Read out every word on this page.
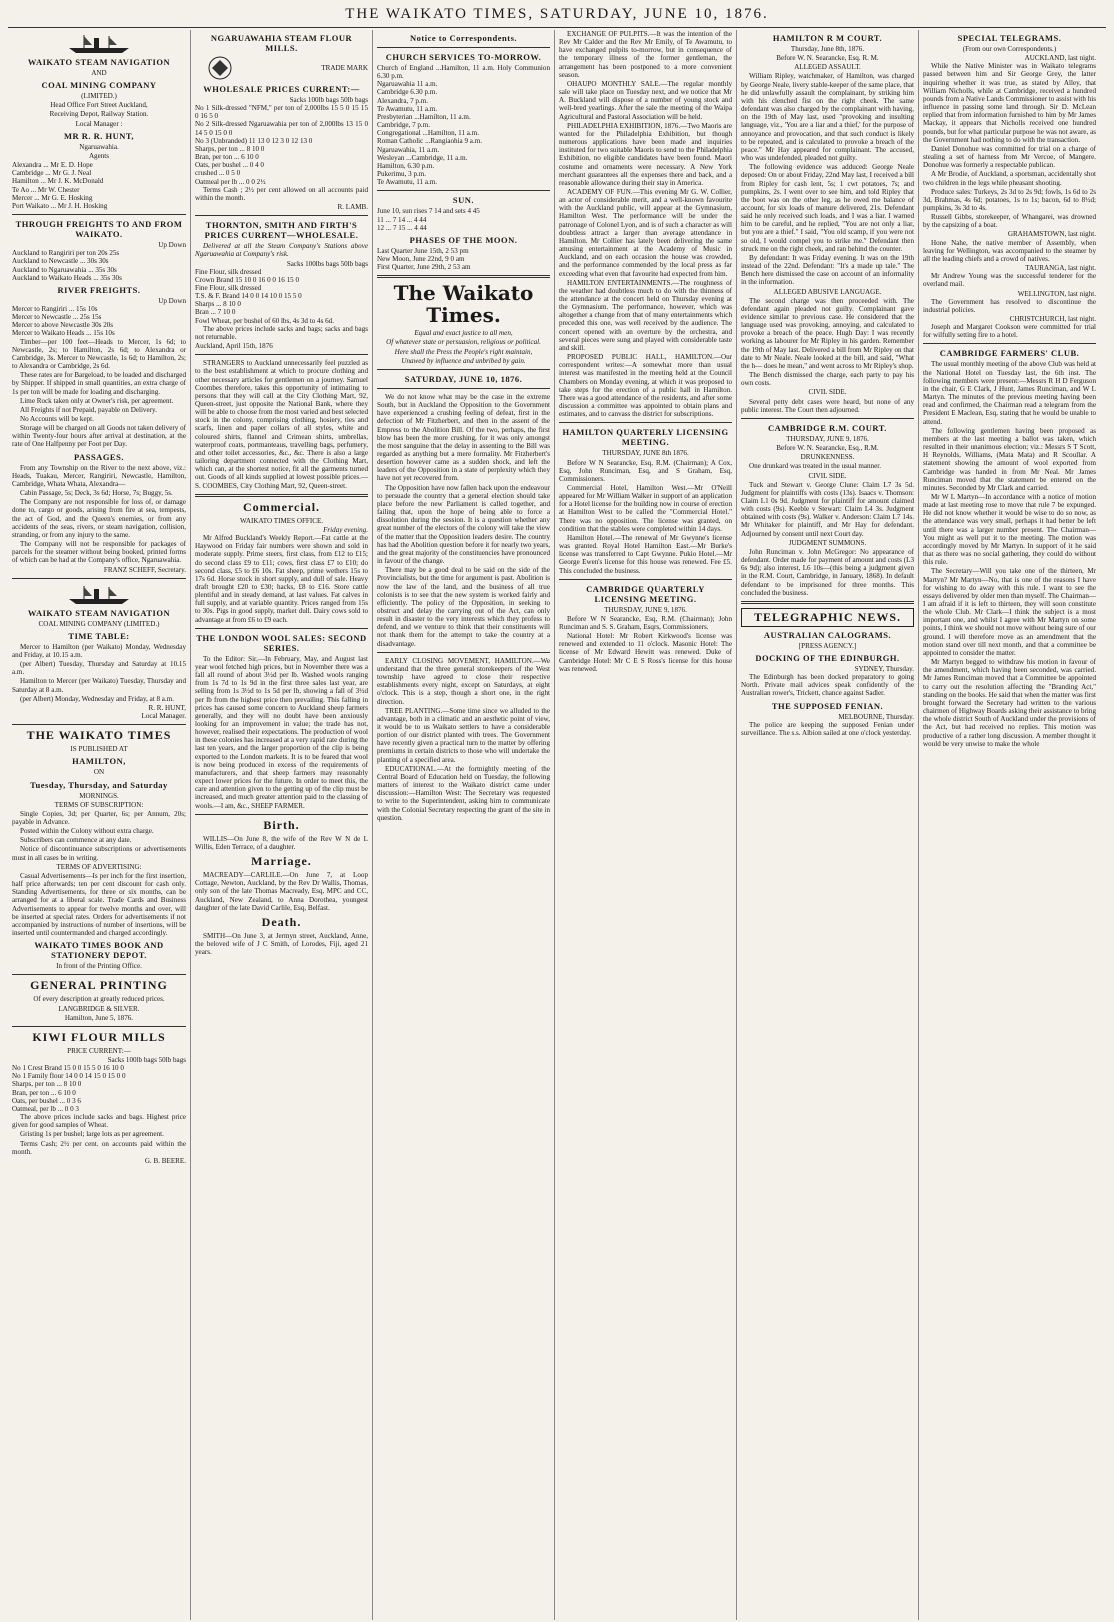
THE WAIKATO TIMES, SATURDAY, JUNE 10, 1876.
WAIKATO STEAM NAVIGATION
AND
COAL MINING COMPANY
(LIMITED.)
Head Office Fort Street Auckland,
Receiving Depot, Railway Station.
Local Manager :
MR R. R. HUNT,
Ngaruawahia.
Agents
Alexandra ... Mr E. D. Hope
Cambridge ... Mr G. J. Neal
Hamilton ... Mr J. K. McDonald
Te Ao ... Mr W. Chester
Mercer ... Mr G. E. Hosking
Port Waikato ... Mr J. H. Hosking
THROUGH FREIGHTS TO AND FROM WAIKATO.
Up Down
Auckland to Rangiriri per ton 20s 25s
Auckland to Newcastle ... 30s 30s
Auckland to Ngaruawahia ... 35s 30s
Auckland to Waikato Heads ... 35s 30s
RIVER FREIGHTS.
Up Down
Mercer to Rangiriri ... 15s 10s
Mercer to Newcastle ... 25s 15s
Mercer to above Newcastle 30s 20s
Mercer to Waikato Heads ... 15s 10s

Timber—per 100 feet—Heads to Mercer, 1s 6d; to Newcastle, 2s; to Hamilton, 2s 6d; to Alexandra or Cambridge, 3s. Mercer to Newcastle, 1s 6d; to Hamilton, 2s; to Alexandra or Cambridge, 2s 6d.

These rates are for Bargeload, to be loaded and discharged by Shipper. If shipped in small quantities, an extra charge of 1s per ton will be made for loading and discharging.

Lime Rock taken only at Owner's risk, per agreement.

All Freights if not Prepaid, payable on Delivery.

No Accounts will be kept.

Storage will be charged on all Goods not taken delivery of within Twenty-four hours after arrival at destination, at the rate of One Halfpenny per Foot per Day.

PASSAGES.

From any Township on the River to the next above, viz.: Heads, Tuakau, Mercer, Rangiriri, Newcastle, Hamilton, Cambridge, Whata Whata, Alexandra—

Cabin Passage, 5s; Deck, 3s 6d; Horse, 7s; Buggy, 5s.

The Company are not responsible for loss of, or damage done to, cargo or goods, arising from fire at sea, tempests, the act of God, and the Queen's enemies, or from any accidents of the seas, rivers, or steam navigation, collision, stranding, or from any injury to the same.

The Company will not be responsible for packages of parcels for the steamer without being booked, printed forms of which can be had at the Company's office, Ngaruawahia.

FRANZ SCHEFF, Secretary.
WAIKATO STEAM NAVIGATION
COAL MINING COMPANY (LIMITED.)
TIME TABLE:

Mercer to Hamilton (per Waikato) Monday, Wednesday and Friday, at 10.15 a.m.

(per Albert) Tuesday, Thursday and Saturday at 10.15 a.m.

Hamilton to Mercer (per Waikato) Tuesday, Thursday and Saturday at 8 a.m.

(per Albert) Monday, Wednesday and Friday, at 8 a.m.

R. R. HUNT,
Local Manager.
THE WAIKATO TIMES
IS PUBLISHED AT
HAMILTON,
ON
Tuesday, Thursday, and Saturday
MORNINGS.
TERMS OF SUBSCRIPTION:

Single Copies, 3d; per Quarter, 6s; per Annum, 20s; payable in Advance.

Posted within the Colony without extra charge.

Subscribers can commence at any date.

Notice of discontinuance subscriptions or advertisements must in all cases be in writing.

TERMS OF ADVERTISING:

Casual Advertisements—Is per inch for the first insertion, half price afterwards; ten per cent discount for cash only. Standing Advertisements, for three or six months, can be arranged for at a liberal scale. Trade Cards and Business Advertisements to appear for twelve months and over, will be inserted at special rates. Orders for advertisements if not accompanied by instructions of number of insertions, will be inserted until countermanded and charged accordingly.

WAIKATO TIMES BOOK AND STATIONERY DEPOT.
In front of the Printing Office.
GENERAL PRINTING
Of every description at greatly reduced prices.
LANGBRIDGE & SILVER.
Hamilton, June 5, 1876.
KIWI FLOUR MILLS
PRICE CURRENT:—
Sacks 100lb bags 50lb bags
No 1 Crest Brand 15 0 0 15 5 0 16 10 0
No 1 Family flour 14 0 0 14 15 0 15 0 0
Sharps, per ton ... 8 10 0
Bran, per ton ... 6 10 0
Oats, per bushel ... 0 3 6
Oatmeal, per lb ... 0 0 3

The above prices include sacks and bags. Highest price given for good samples of Wheat.

Gristing 1s per bushel; large lots as per agreement.

Terms Cash; 2½ per cent. on accounts paid within the month.

G. B. BEERE.
NGARUAWAHIA STEAM FLOUR MILLS.
TRADE MARK
WHOLESALE PRICES CURRENT:—
Sacks 100lb bags 50lb bags
No 1 Silk-dressed "NFM," per ton of 2,000lbs 15 5 0 15 15 0 16 5 0
No 2 Silk-dressed Ngaruawahia per ton of 2,000lbs 13 15 0 14 5 0 15 0 0
No 3 (Unbranded) 11 13 0 12 3 0 12 13 0
Sharps, per ton ... 8 10 0
Bran, per ton ... 6 10 0
Oats, per bushel ... 0 4 0
crushed ... 0 5 0
Oatmeal per lb ... 0 0 2½

Terms Cash ; 2½ per cent allowed on all accounts paid within the month.

R. LAMB.
THORNTON, SMITH AND FIRTH'S PRICES CURRENT—WHOLESALE.

Delivered at all the Steam Company's Stations above Ngaruawahia at Company's risk.

Sacks 100lbs bags 50lb bags
Fine Flour, silk dressed
Crown Brand 15 10 0 16 0 0 16 15 0
Fine Flour, silk dressed
T.S. & F. Brand 14 0 0 14 10 0 15 5 0
Sharps ... 8 10 0
Bran ... 7 10 0
Fowl Wheat, per bushel of 60 lbs, 4s 3d to 4s 6d.

The above prices include sacks and bags; sacks and bags not returnable.

Auckland, April 15th, 1876

STRANGERS to Auckland unnecessarily feel puzzled as to the best establishment at which to procure clothing and other necessary articles for gentlemen on a journey. Samuel Coombes therefore, takes this opportunity of intimating to persons that they will call at the City Clothing Mart, 92, Queen-street, just opposite the National Bank, where they will be able to choose from the most varied and best selected stock in the colony, comprising clothing, hosiery, ties and scarfs, linen and paper collars of all styles, white and coloured shirts, flannel and Crimean shirts, umbrellas, waterproof coats, portmanteaus, travelling bags, perfumery, and other toilet accessories, &c., &c. There is also a large tailoring department connected with the Clothing Mart, which can, at the shortest notice, fit all the garments turned out. Goods of all kinds supplied at lowest possible prices.—S. COOMBES, City Clothing Mart, 92, Queen-street.

Commercial.
WAIKATO TIMES OFFICE.
Friday evening.

Mr Alfred Buckland's Weekly Report.—Fat cattle at the Haywood on Friday fair numbers were shown and sold in moderate supply. Prime steers, first class, from £12 to £15; do second class £9 to £11; cows, first class £7 to £10; do second class, £5 to £6 10s. Fat sheep, prime wethers 15s to 17s 6d. Horse stock in short supply, and dull of sale. Heavy draft brought £20 to £30; hacks, £8 to £16. Store cattle plentiful and in steady demand, at last values. Fat calves in full supply, and at variable quantity. Prices ranged from 15s to 30s. Pigs in good supply, market dull. Dairy cows sold to advantage at from £6 to £9 each.

THE LONDON WOOL SALES: SECOND SERIES.

To the Editor: Sir,—In February, May, and August last year wool fetched high prices, but in November there was a fall all round of about 3½d per lb. Washed wools ranging from 1s 7d to 1s 9d in the first three sales last year, are selling from 1s 3½d to 1s 5d per lb, showing a fall of 3½d per lb from the highest price then prevailing. This falling in prices has caused some concern to Auckland sheep farmers generally, and they will no doubt have been anxiously looking for an improvement in value; the trade has not, however, realised their expectations. The production of wool in these colonies has increased at a very rapid rate during the last ten years, and the larger proportion of the clip is being exported to the London markets. It is to be feared that wool is now being produced in excess of the requirements of manufacturers, and that sheep farmers may reasonably expect lower prices for the future. In order to meet this, the care and attention given to the getting up of the clip must be increased, and much greater attention paid to the classing of wools.—I am, &c., SHEEP FARMER.

Birth.

WILLIS—On June 8, the wife of the Rev W N de L Willis, Eden Terrace, of a daughter.

Marriage.

MACREADY—CARLILE.—On June 7, at Loop Cottage, Newton, Auckland, by the Rev Dr Wallis, Thomas, only son of the late Thomas Macready, Esq, MPC and CC, Auckland, New Zealand, to Anna Dorothea, youngest daughter of the late David Carlile, Esq, Belfast.

Death.

SMITH—On June 3, at Jermyn street, Auckland, Anne, the beloved wife of J C Smith, of Lorodes, Fiji, aged 21 years.

Notice to Correspondents.
CHURCH SERVICES TO-MORROW.
Church of England ...Hamilton, 11 a.m. Holy Communion 6.30 p.m.
Ngaruawahia 11 a.m.
Cambridge 6.30 p.m.
Alexandra, 7 p.m.
Te Awamutu, 11 a.m.
Presbyterian ...Hamilton, 11 a.m.
Cambridge, 7 p.m.
Congregational ...Hamilton, 11 a.m.
Roman Catholic ...Rangiaohia 9 a.m.
Ngaruawahia, 11 a.m.
Wesleyan ...Cambridge, 11 a.m.
Hamilton, 6.30 p.m.
Pukerimu, 3 p.m.
Te Awamutu, 11 a.m.
SUN.
June 10, sun rises 7 14 and sets 4 45
11 ... 7 14 ... 4 44
12 ... 7 15 ... 4 44
PHASES OF THE MOON.
Last Quarter June 15th, 2 53 pm
New Moon, June 22nd, 9 0 am
First Quarter, June 29th, 2 53 am
The Waikato Times.
Equal and exact justice to all men,
Of whatever state or persuasion, religious or political.
Here shall the Press the People's right maintain,
Unawed by influence and unbribed by gain.
SATURDAY, JUNE 10, 1876.

We do not know what may be the case in the extreme South, but in Auckland the Opposition to the Government have experienced a crushing feeling of defeat, first in the defection of Mr Fitzherbert, and then in the assent of the Empress to the Abolition Bill. Of the two, perhaps, the first blow has been the more crushing, for it was only amongst the most sanguine that the delay in assenting to the Bill was regarded as anything but a mere formality. Mr Fitzherbert's desertion however came as a sudden shock, and left the leaders of the Opposition in a state of perplexity which they have not yet recovered from.

The Opposition have now fallen back upon the endeavour to persuade the country that a general election should take place before the new Parliament is called together, and failing that, upon the hope of being able to force a dissolution during the session. It is a question whether any great number of the electors of the colony will take the view of the matter that the Opposition leaders desire. The country has had the Abolition question before it for nearly two years, and the great majority of the constituencies have pronounced in favour of the change.

There may be a good deal to be said on the side of the Provincialists, but the time for argument is past. Abolition is now the law of the land, and the business of all true colonists is to see that the new system is worked fairly and efficiently. The policy of the Opposition, in seeking to obstruct and delay the carrying out of the Act, can only result in disaster to the very interests which they profess to defend, and we venture to think that their constituents will not thank them for the attempt to take the country at a disadvantage.

EARLY CLOSING MOVEMENT, HAMILTON.—We understand that the three general storekeepers of the West township have agreed to close their respective establishments every night, except on Saturdays, at eight o'clock. This is a step, though a short one, in the right direction.

TREE PLANTING.—Some time since we alluded to the advantage, both in a climatic and an aesthetic point of view, it would be to us Waikato settlers to have a considerable portion of our district planted with trees. The Government have recently given a practical turn to the matter by offering premiums in certain districts to those who will undertake the planting of a specified area.

EDUCATIONAL.—At the fortnightly meeting of the Central Board of Education held on Tuesday, the following matters of interest to the Waikato district came under discussion:—Hamilton West: The Secretary was requested to write to the Superintendent, asking him to communicate with the Colonial Secretary respecting the grant of the site in question.

EXCHANGE OF PULPITS.—It was the intention of the Rev Mr Calder and the Rev Mr Emily, of Te Awamutu, to have exchanged pulpits to-morrow, but in consequence of the temporary illness of the former gentleman, the arrangement has been postponed to a more convenient season.

OHAUPO MONTHLY SALE.—The regular monthly sale will take place on Tuesday next, and we notice that Mr A. Buckland will dispose of a number of young stock and well-bred yearlings. After the sale the meeting of the Waipa Agricultural and Pastoral Association will be held.

PHILADELPHIA EXHIBITION, 1876.—Two Maoris are wanted for the Philadelphia Exhibition, but though numerous applications have been made and inquiries instituted for two suitable Maoris to send to the Philadelphia Exhibition, no eligible candidates have been found. Maori costume and ornaments were necessary. A New York merchant guarantees all the expenses there and back, and a reasonable allowance during their stay in America.

ACADEMY OF FUN.—This evening Mr G. W. Collier, an actor of considerable merit, and a well-known favourite with the Auckland public, will appear at the Gymnasium, Hamilton West. The performance will be under the patronage of Colonel Lyon, and is of such a character as will doubtless attract a larger than average attendance in Hamilton. Mr Collier has lately been delivering the same amusing entertainment at the Academy of Music in Auckland, and on each occasion the house was crowded, and the performance commended by the local press as far exceeding what even that favourite had expected from him.

HAMILTON ENTERTAINMENTS.—The roughness of the weather had doubtless much to do with the thinness of the attendance at the concert held on Thursday evening at the Gymnasium. The performance, however, which was altogether a change from that of many entertainments which preceded this one, was well received by the audience. The concert opened with an overture by the orchestra, and several pieces were sung and played with considerable taste and skill.

PROPOSED PUBLIC HALL, HAMILTON.—Our correspondent writes:—A somewhat more than usual interest was manifested in the meeting held at the Council Chambers on Monday evening, at which it was proposed to take steps for the erection of a public hall in Hamilton. There was a good attendance of the residents, and after some discussion a committee was appointed to obtain plans and estimates, and to canvass the district for subscriptions.

HAMILTON QUARTERLY LICENSING MEETING.
THURSDAY, JUNE 8th 1876.

Before W N Searancke, Esq, R.M. (Chairman); A Cox, Esq, John Runciman, Esq, and S Graham, Esq, Commissioners.

Commercial Hotel, Hamilton West.—Mr O'Neill appeared for Mr William Walker in support of an application for a Hotel license for the building now in course of erection at Hamilton West to be called the "Commercial Hotel." There was no opposition. The license was granted, on condition that the stables were completed within 14 days.

Hamilton Hotel.—The renewal of Mr Gwynne's license was granted. Royal Hotel Hamilton East.—Mr Burke's license was transferred to Capt Gwynne. Pukio Hotel.—Mr George Ewen's license for this house was renewed. Fee £5. This concluded the business.

CAMBRIDGE QUARTERLY LICENSING MEETING.
THURSDAY, JUNE 9, 1876.

Before W N Searancke, Esq, R.M. (Chairman); John Runciman and S. S. Graham, Esqrs, Commissioners.

National Hotel: Mr Robert Kirkwood's license was renewed and extended to 11 o'clock. Masonic Hotel: The license of Mr Edward Hewitt was renewed. Duke of Cambridge Hotel: Mr C E S Ross's license for this house was renewed.

HAMILTON R M COURT.
Thursday, June 8th, 1876.
Before W. N. Searancke, Esq. R. M.
ALLEGED ASSAULT.

William Ripley, watchmaker, of Hamilton, was charged by George Neale, livery stable-keeper of the same place, that he did unlawfully assault the complainant, by striking him with his clenched fist on the right cheek. The same defendant was also charged by the complainant with having, on the 19th of May last, used "provoking and insulting language, viz., 'You are a liar and a thief,' for the purpose of annoyance and provocation, and that such conduct is likely to be repeated, and is calculated to provoke a breach of the peace." Mr Hay appeared for complainant. The accused, who was undefended, pleaded not guilty.

The following evidence was adduced: George Neale deposed: On or about Friday, 22nd May last, I received a bill from Ripley for cash lent, 5s; 1 cwt potatoes, 7s; and pumpkins, 2s. I went over to see him, and told Ripley that the boot was on the other leg, as he owed me balance of account, for six loads of manure delivered, 21s. Defendant said he only received such loads, and I was a liar. I warned him to be careful, and he replied, "You are not only a liar, but you are a thief." I said, "You old scamp, if you were not so old, I would compel you to strike me." Defendant then struck me on the right cheek, and ran behind the counter.

By defendant: It was Friday evening. It was on the 19th instead of the 22nd. Defendant: "It's a made up tale." The Bench here dismissed the case on account of an informality in the information.

ALLEGED ABUSIVE LANGUAGE.

The second charge was then proceeded with. The defendant again pleaded not guilty. Complainant gave evidence similar to previous case. He considered that the language used was provoking, annoying, and calculated to provoke a breach of the peace. Hugh Day: I was recently working as labourer for Mr Ripley in his garden. Remember the 19th of May last. Delivered a bill from Mr Ripley on that date to Mr Neale. Neale looked at the bill, and said, "What the h— does he mean," and went across to Mr Ripley's shop.

The Bench dismissed the charge, each party to pay his own costs.

CIVIL SIDE.

Several petty debt cases were heard, but none of any public interest. The Court then adjourned.

CAMBRIDGE R.M. COURT.
THURSDAY, JUNE 9, 1876.
Before W. N. Searancke, Esq., R.M.
DRUNKENNESS.

One drunkard was treated in the usual manner.

CIVIL SIDE.

Tuck and Stewart v. George Clune: Claim L7 3s 5d. Judgment for plaintiffs with costs (13s). Isaacs v. Thomson: Claim L1 0s 9d. Judgment for plaintiff for amount claimed with costs (9s). Keeble v Stewart: Claim L4 3s. Judgment obtained with costs (9s). Walker v. Anderson: Claim L7 14s. Mr Whitaker for plaintiff, and Mr Hay for defendant. Adjourned by consent until next Court day.

JUDGMENT SUMMONS.

John Runciman v. John McGregor: No appearance of defendant. Order made for payment of amount and costs (L3 6s 9d); also interest, L6 10s—(this being a judgment given in the R.M. Court, Cambridge, in January, 1868). In default defendant to be imprisoned for three months. This concluded the business.

TELEGRAPHIC NEWS.
AUSTRALIAN CALOGRAMS.
[PRESS AGENCY.]
DOCKING OF THE EDINBURGH.
SYDNEY, Thursday.

The Edinburgh has been docked preparatory to going North. Private mail advices speak confidently of the Australian rower's, Trickett, chance against Sadler.

THE SUPPOSED FENIAN.
MELBOURNE, Thursday.

The police are keeping the supposed Fenian under surveillance. The s.s. Albion sailed at one o'clock yesterday.

SPECIAL TELEGRAMS.
(From our own Correspondents.)
AUCKLAND, last night.

While the Native Minister was in Waikato telegrams passed between him and Sir George Grey, the latter inquiring whether it was true, as stated by Alley, that William Nicholls, while at Cambridge, received a hundred pounds from a Native Lands Commissioner to assist with his influence in passing some land through. Sir D. McLean replied that from information furnished to him by Mr James Mackay, it appears that Nicholls received one hundred pounds, but for what particular purpose he was not aware, as the Government had nothing to do with the transaction.

Daniel Donohue was committed for trial on a charge of stealing a set of harness from Mr Vercoe, of Mangere. Donohue was formerly a respectable publican.

A Mr Brodie, of Auckland, a sportsman, accidentally shot two children in the legs while pheasant shooting.

Produce sales: Turkeys, 2s 3d to 2s 9d; fowls, 1s 6d to 2s 3d, Brahmas, 4s 6d; potatoes, 1s to 1s; bacon, 6d to 8½d; pumpkins, 3s 3d to 4s.

Russell Gibbs, storekeeper, of Whangarei, was drowned by the capsizing of a boat.

GRAHAMSTOWN, last night.

Hone Nahe, the native member of Assembly, when leaving for Wellington, was accompanied to the steamer by all the leading chiefs and a crowd of natives.

TAURANGA, last night.

Mr Andrew Young was the successful tenderer for the overland mail.

WELLINGTON, last night.

The Government has resolved to discontinue the industrial policies.

CHRISTCHURCH, last night.

Joseph and Margaret Cookson were committed for trial for wilfully setting fire to a hotel.

CAMBRIDGE FARMERS' CLUB.

The usual monthly meeting of the above Club was held at the National Hotel on Tuesday last, the 6th inst. The following members were present:—Messrs R H D Ferguson in the chair, G E Clark, J Hunt, James Runciman, and W L Martyn. The minutes of the previous meeting having been read and confirmed, the Chairman read a telegram from the President E Maclean, Esq, stating that he would be unable to attend.

The following gentlemen having been proposed as members at the last meeting a ballot was taken, which resulted in their unanimous election; viz.: Messrs S T Scott, H Reynolds, Williams, (Mata Mata) and R Scoullar. A statement showing the amount of wool exported from Cambridge was handed in from Mr Neal. Mr James Runciman moved that the statement be entered on the minutes. Seconded by Mr Clark and carried.

Mr W L Martyn—In accordance with a notice of motion made at last meeting rose to move that rule 7 be expunged. He did not know whether it would be wise to do so now, as the attendance was very small, perhaps it had better be left until there was a larger number present. The Chairman—You might as well put it to the meeting. The motion was accordingly moved by Mr Martyn. In support of it he said that as there was no social gathering, they could do without this rule.

The Secretary—Will you take one of the thirteen, Mr Martyn? Mr Martyn—No, that is one of the reasons I have for wishing to do away with this rule. I want to see the essays delivered by older men than myself. The Chairman—I am afraid if it is left to thirteen, they will soon constitute the whole Club. Mr Clark—I think the subject is a most important one, and whilst I agree with Mr Martyn on some points, I think we should not move without being sure of our ground. I will therefore move as an amendment that the motion stand over till next month, and that a committee be appointed to consider the matter.

Mr Martyn begged to withdraw his motion in favour of the amendment, which having been seconded, was carried. Mr James Runciman moved that a Committee be appointed to carry out the resolution affecting the "Branding Act," standing on the books. He said that when the matter was first brought forward the Secretary had written to the various chairmen of Highway Boards asking their assistance to bring the whole district South of Auckland under the provisions of the Act, but had received no replies. This motion was productive of a rather long discussion. A member thought it would be very unwise to make the whole
